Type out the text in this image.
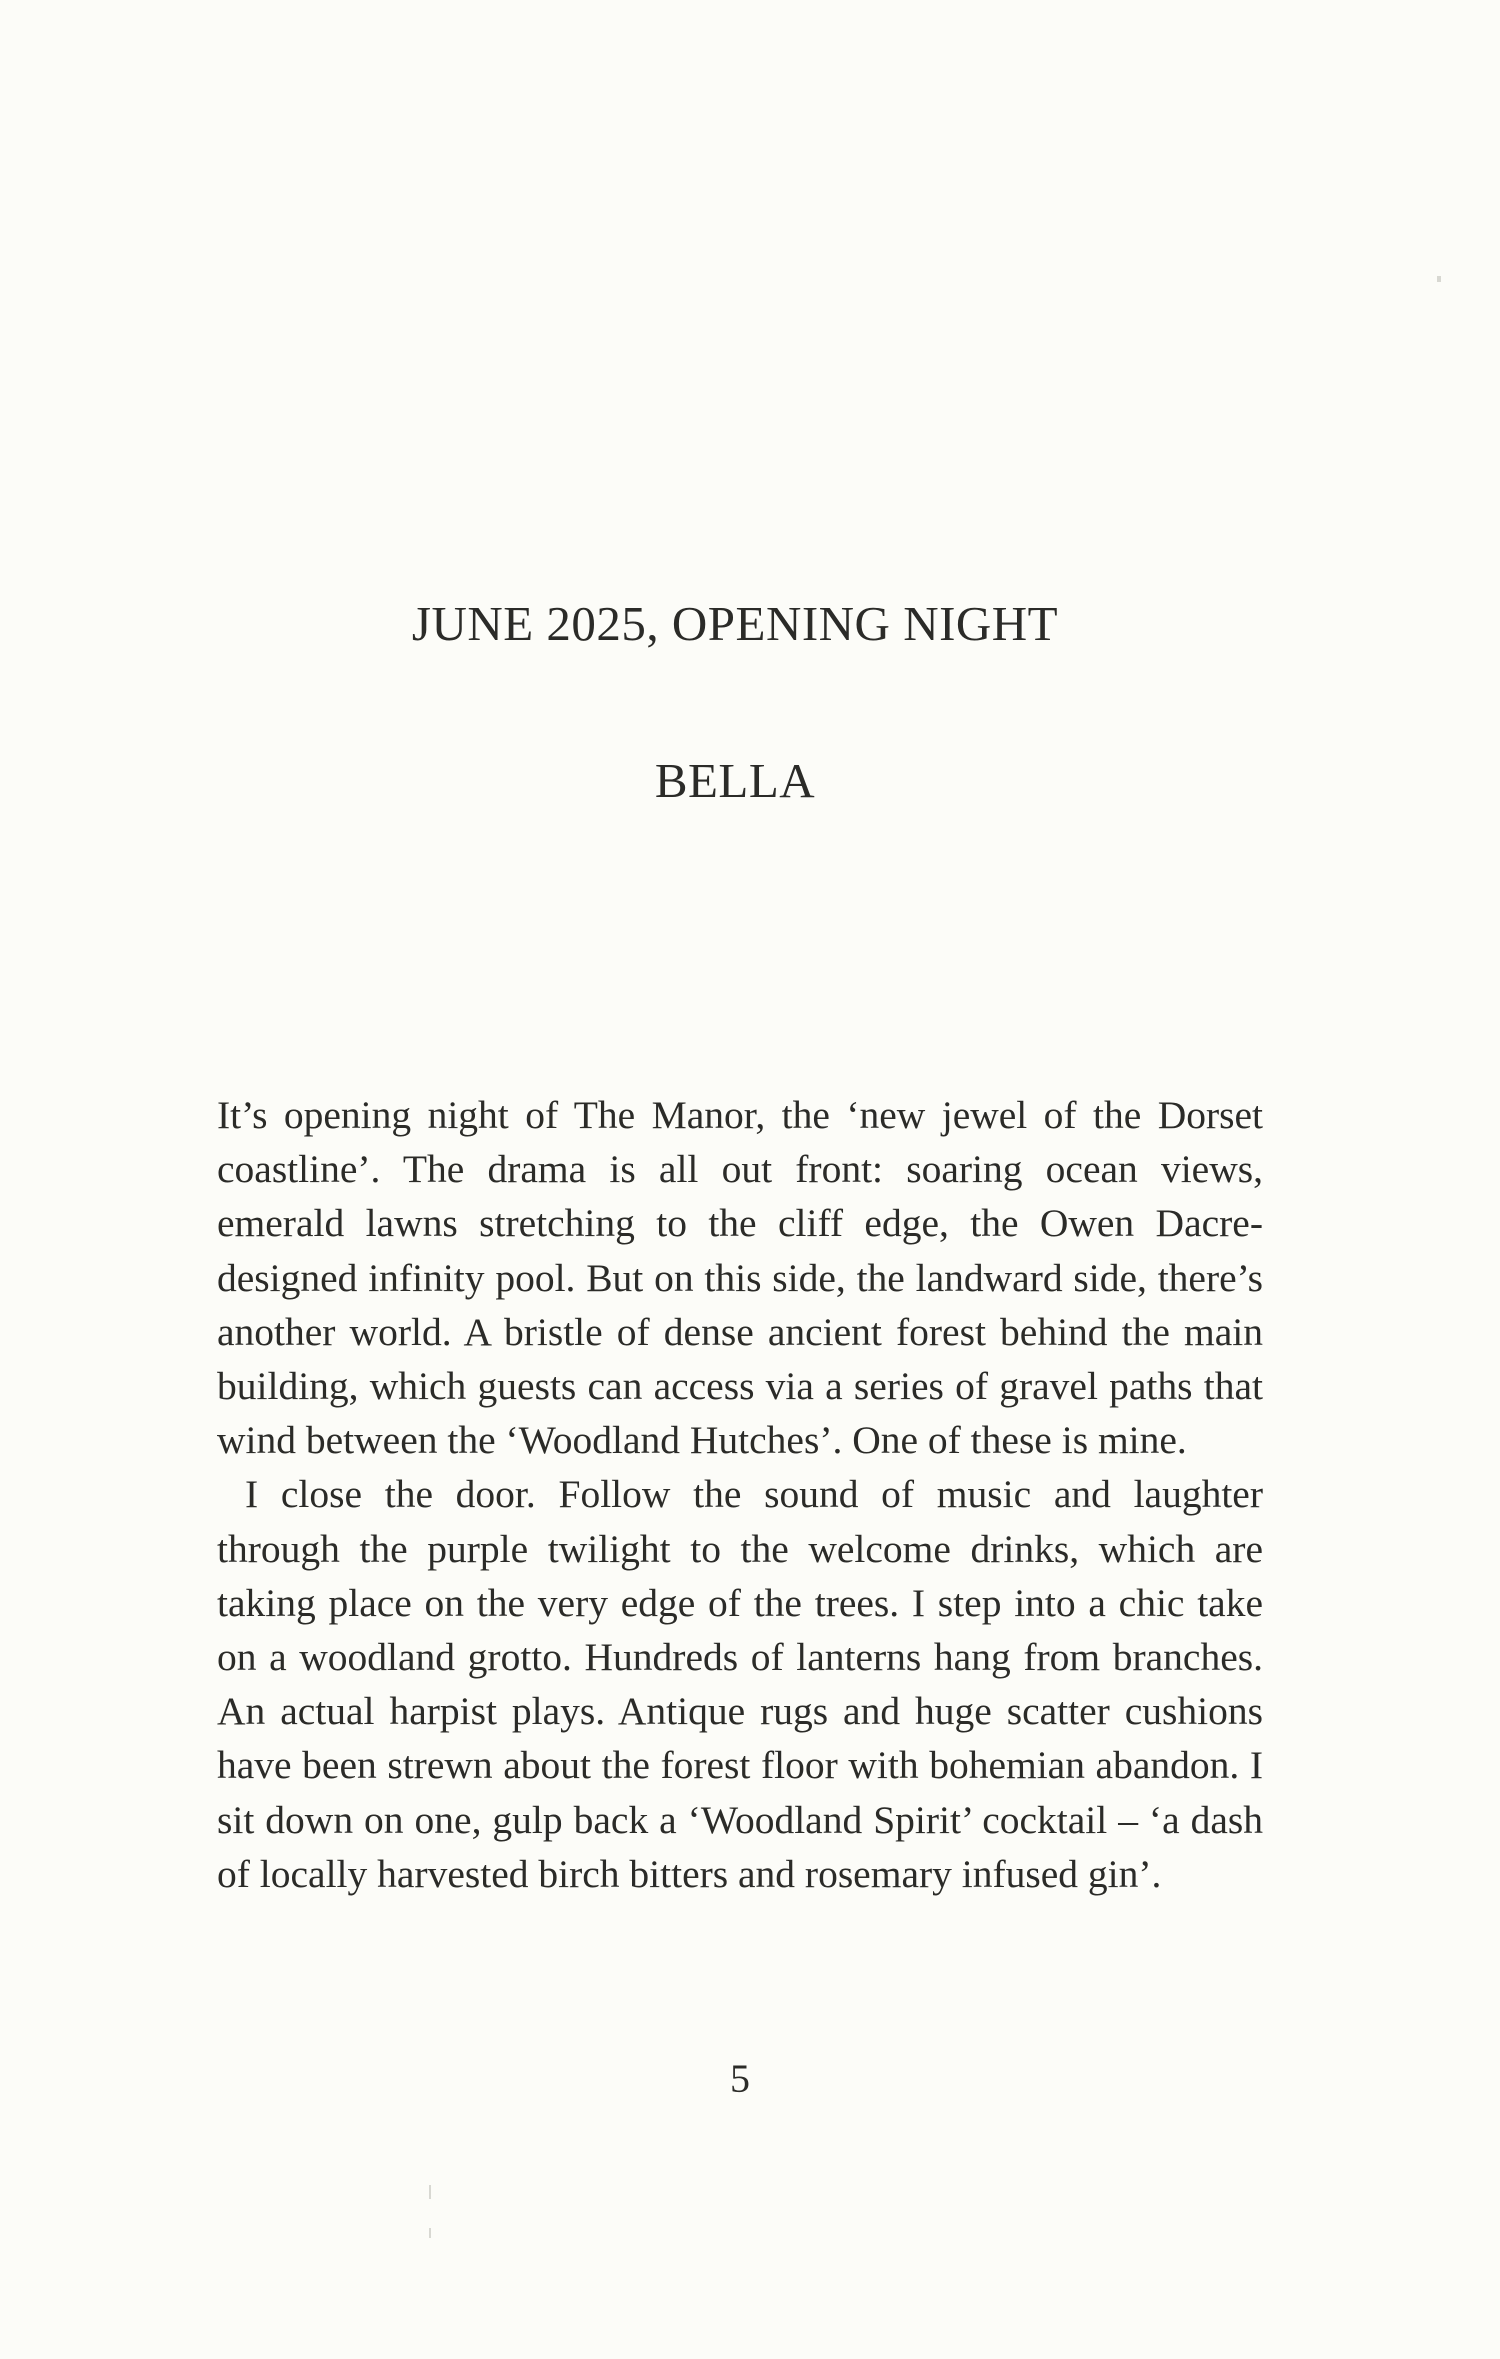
JUNE 2025, OPENING NIGHT
BELLA

It’s opening night of The Manor, the ‘new jewel of the Dorset coastline’. The drama is all out front: soaring ocean views, emerald lawns stretching to the cliff edge, the Owen Dacre-designed infinity pool. But on this side, the landward side, there’s another world. A bristle of dense ancient forest behind the main building, which guests can access via a series of gravel paths that wind between the ‘Woodland Hutches’. One of these is mine.

I close the door. Follow the sound of music and laughter through the purple twilight to the welcome drinks, which are taking place on the very edge of the trees. I step into a chic take on a woodland grotto. Hundreds of lanterns hang from branches. An actual harpist plays. Antique rugs and huge scatter cushions have been strewn about the forest floor with bohemian abandon. I sit down on one, gulp back a ‘Woodland Spirit’ cocktail – ‘a dash of locally harvested birch bitters and rosemary infused gin’.

5
